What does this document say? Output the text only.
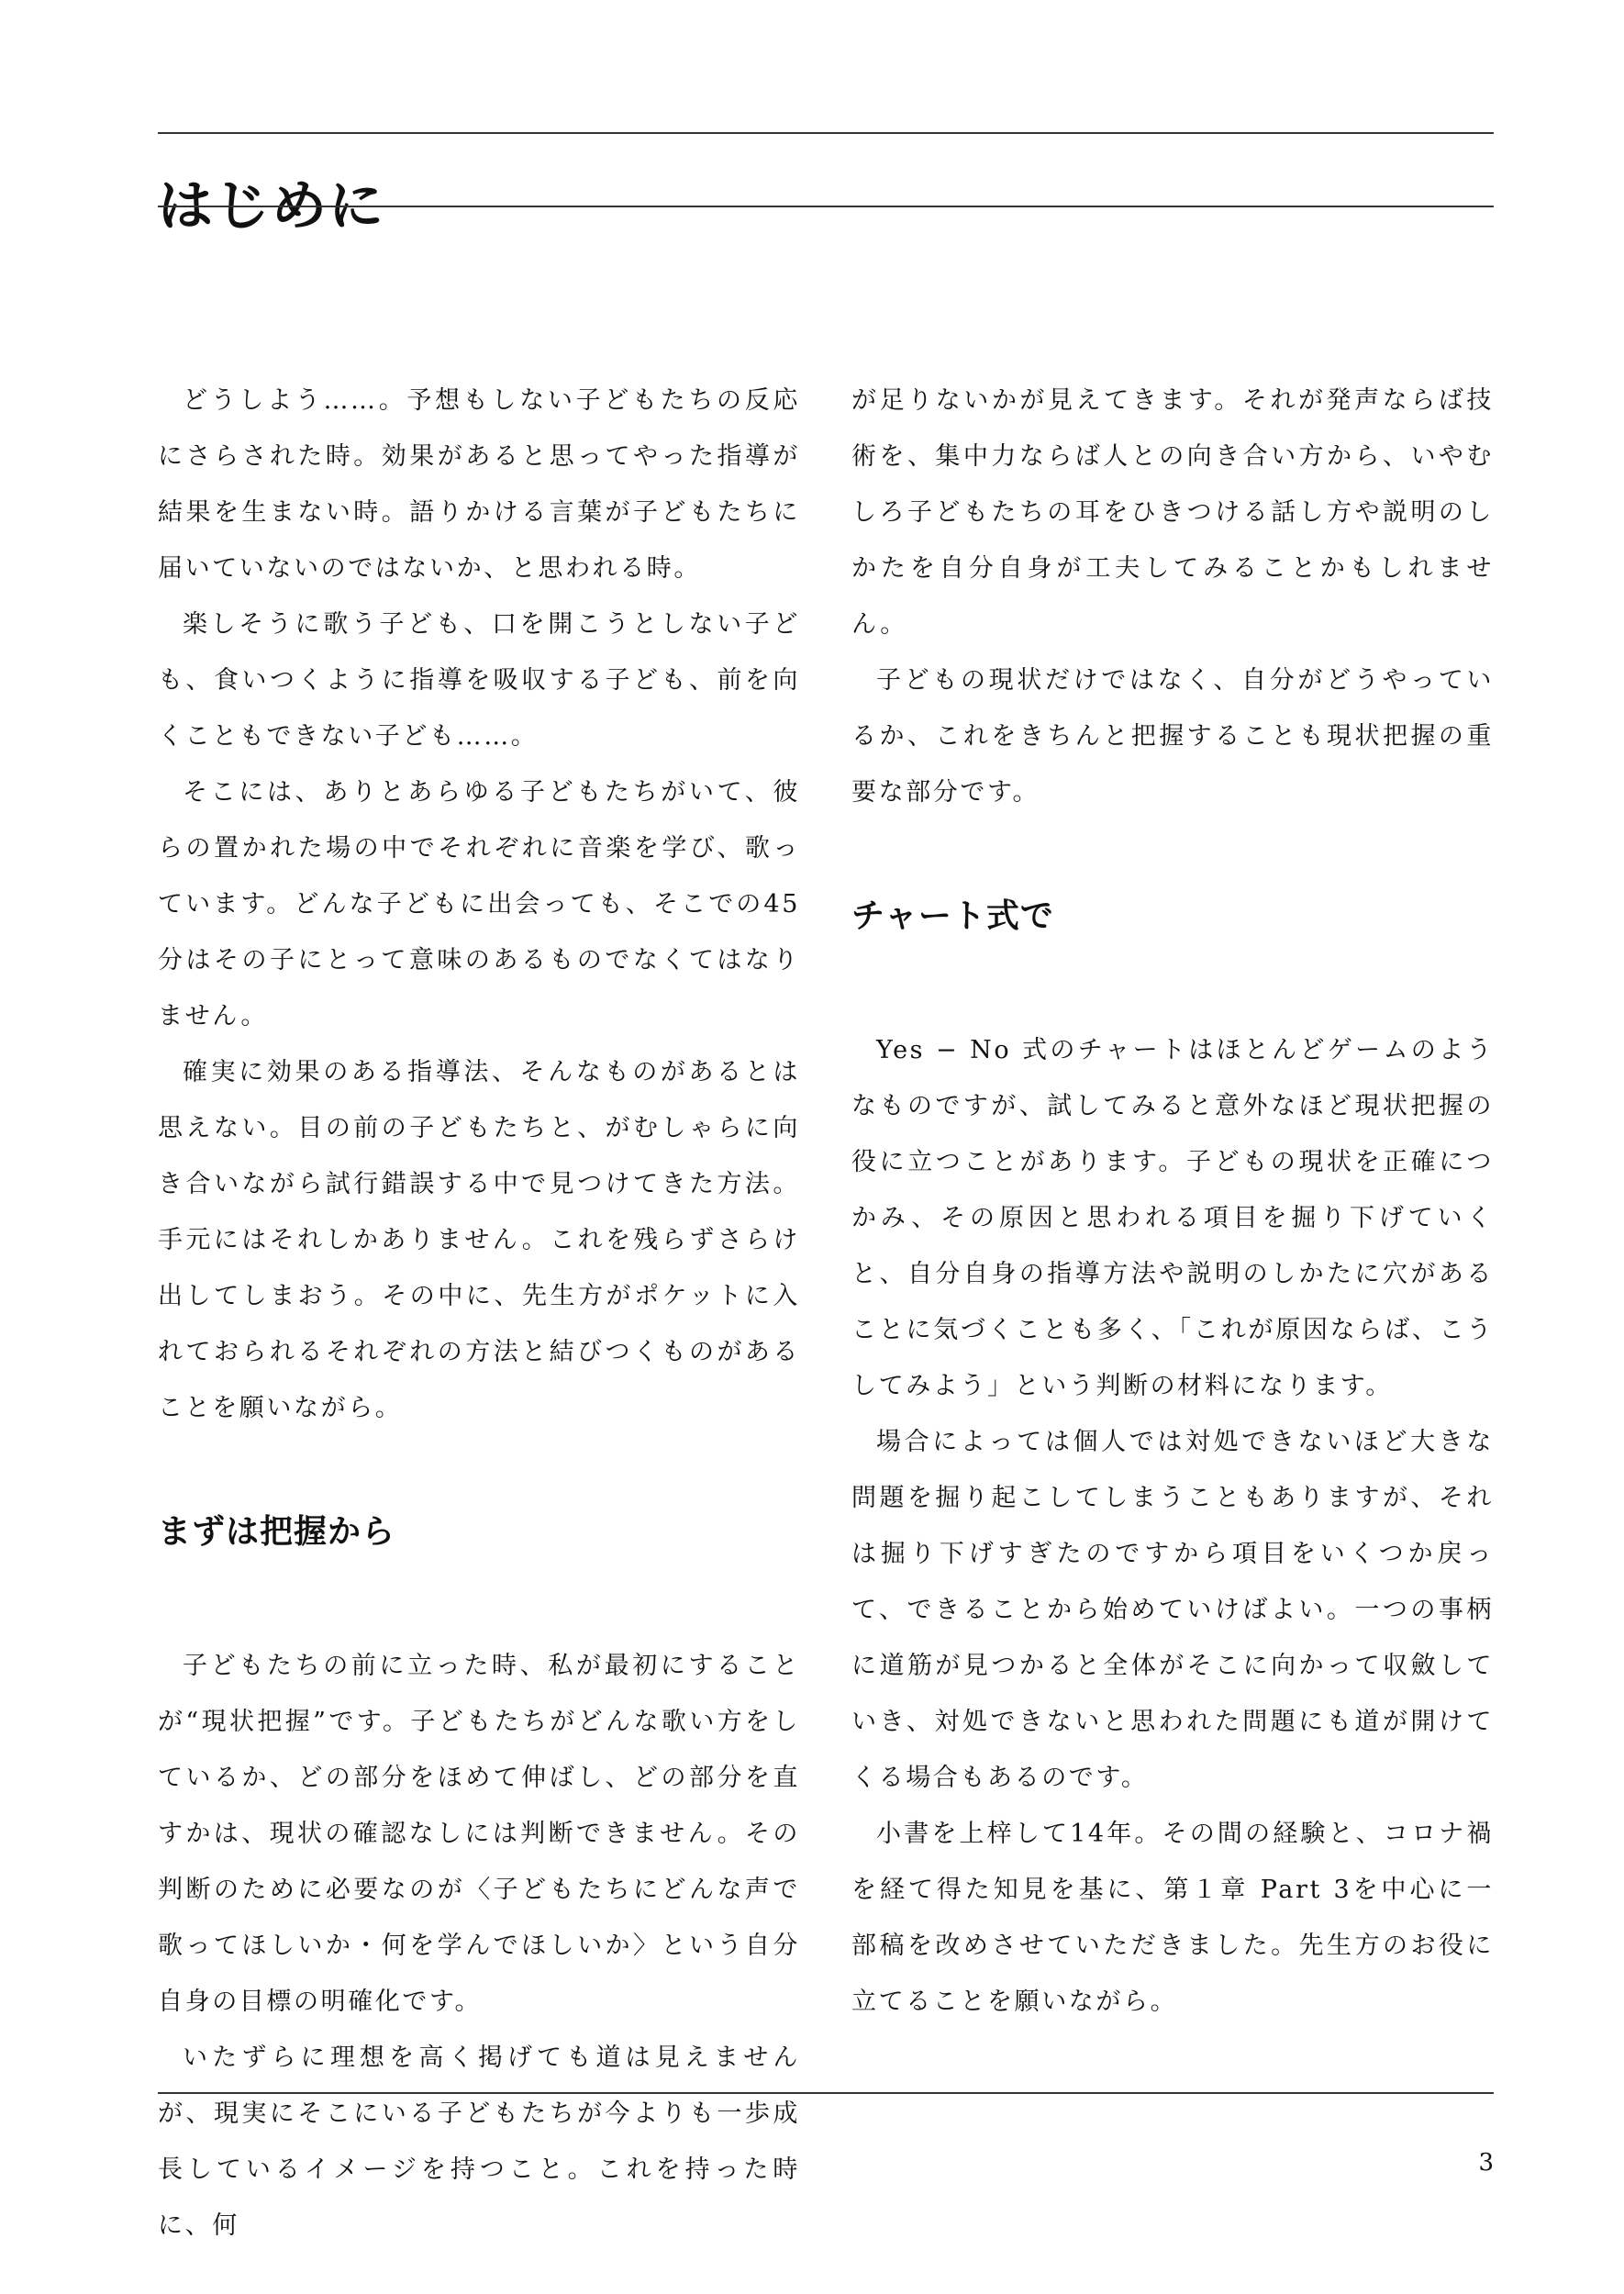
はじめに

どうしよう……。予想もしない子どもたちの反応にさらされた時。効果があると思ってやった指導が結果を生まない時。語りかける言葉が子どもたちに届いていないのではないか、と思われる時。

楽しそうに歌う子ども、口を開こうとしない子ども、食いつくように指導を吸収する子ども、前を向くこともできない子ども……。

そこには、ありとあらゆる子どもたちがいて、彼らの置かれた場の中でそれぞれに音楽を学び、歌っています。どんな子どもに出会っても、そこでの45分はその子にとって意味のあるものでなくてはなりません。

確実に効果のある指導法、そんなものがあるとは思えない。目の前の子どもたちと、がむしゃらに向き合いながら試行錯誤する中で見つけてきた方法。手元にはそれしかありません。これを残らずさらけ出してしまおう。その中に、先生方がポケットに入れておられるそれぞれの方法と結びつくものがあることを願いながら。

まずは把握から

子どもたちの前に立った時、私が最初にすることが“現状把握”です。子どもたちがどんな歌い方をしているか、どの部分をほめて伸ばし、どの部分を直すかは、現状の確認なしには判断できません。その判断のために必要なのが〈子どもたちにどんな声で歌ってほしいか・何を学んでほしいか〉という自分自身の目標の明確化です。

いたずらに理想を高く掲げても道は見えませんが、現実にそこにいる子どもたちが今よりも一歩成長しているイメージを持つこと。これを持った時に、何

が足りないかが見えてきます。それが発声ならば技術を、集中力ならば人との向き合い方から、いやむしろ子どもたちの耳をひきつける話し方や説明のしかたを自分自身が工夫してみることかもしれません。

子どもの現状だけではなく、自分がどうやっているか、これをきちんと把握することも現状把握の重要な部分です。

チャート式で

Yes − No 式のチャートはほとんどゲームのようなものですが、試してみると意外なほど現状把握の役に立つことがあります。子どもの現状を正確につかみ、その原因と思われる項目を掘り下げていくと、自分自身の指導方法や説明のしかたに穴があることに気づくことも多く、「これが原因ならば、こうしてみよう」という判断の材料になります。

場合によっては個人では対処できないほど大きな問題を掘り起こしてしまうこともありますが、それは掘り下げすぎたのですから項目をいくつか戻って、できることから始めていけばよい。一つの事柄に道筋が見つかると全体がそこに向かって収斂していき、対処できないと思われた問題にも道が開けてくる場合もあるのです。

小書を上梓して14年。その間の経験と、コロナ禍を経て得た知見を基に、第１章 Part 3を中心に一部稿を改めさせていただきました。先生方のお役に立てることを願いながら。

3
